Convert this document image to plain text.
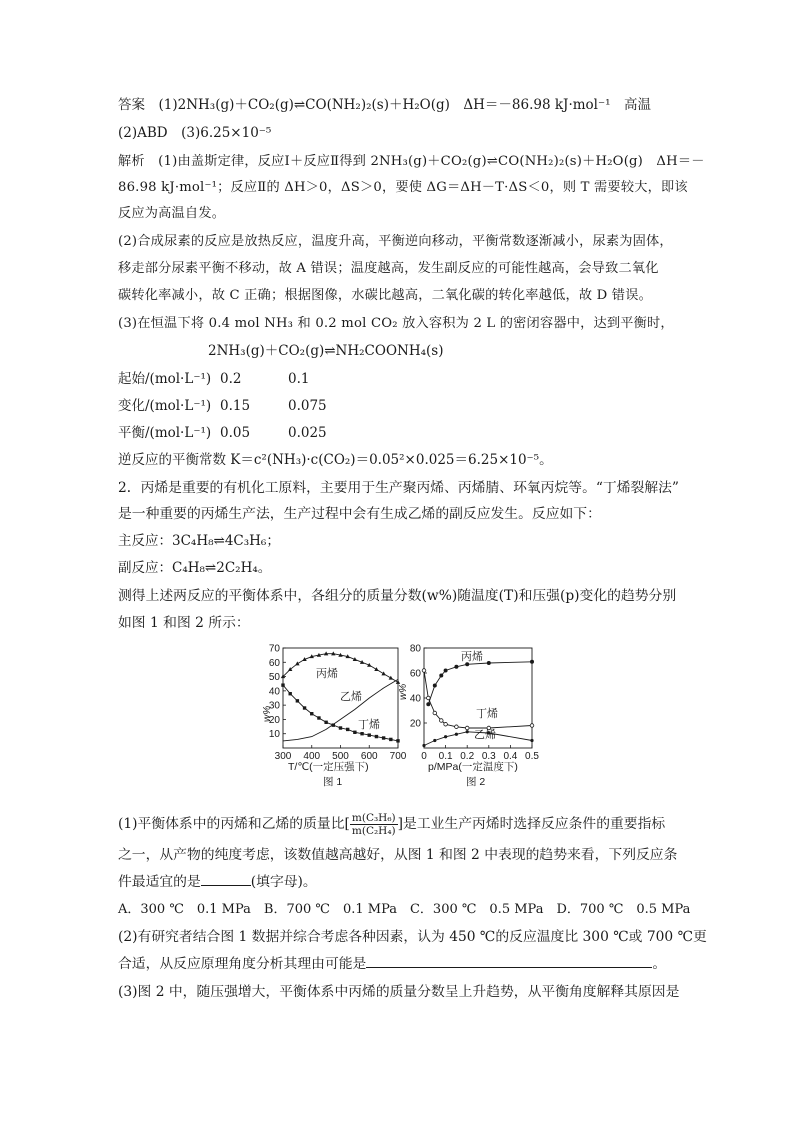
答案　(1)2NH₃(g)＋CO₂(g)⇌CO(NH₂)₂(s)＋H₂O(g)　ΔH＝－86.98 kJ·mol⁻¹　高温
(2)ABD　(3)6.25×10⁻⁵
解析　(1)由盖斯定律，反应Ⅰ＋反应Ⅱ得到 2NH₃(g)＋CO₂(g)⇌CO(NH₂)₂(s)＋H₂O(g)　ΔH＝－
86.98 kJ·mol⁻¹；反应Ⅱ的 ΔH＞0，ΔS＞0，要使 ΔG＝ΔH－T·ΔS＜0，则 T 需要较大，即该
反应为高温自发。
(2)合成尿素的反应是放热反应，温度升高，平衡逆向移动，平衡常数逐渐减小，尿素为固体，
移走部分尿素平衡不移动，故 A 错误；温度越高，发生副反应的可能性越高，会导致二氧化
碳转化率减小，故 C 正确；根据图像，水碳比越高，二氧化碳的转化率越低，故 D 错误。
(3)在恒温下将 0.4 mol NH₃ 和 0.2 mol CO₂ 放入容积为 2 L 的密闭容器中，达到平衡时，
2NH₃(g)＋CO₂(g)⇌NH₂COONH₄(s)
起始/(mol·L⁻¹) 0.2	0.1
变化/(mol·L⁻¹) 0.15	0.075
平衡/(mol·L⁻¹) 0.05	0.025
逆反应的平衡常数 K＝c²(NH₃)·c(CO₂)＝0.05²×0.025＝6.25×10⁻⁵。
2．丙烯是重要的有机化工原料，主要用于生产聚丙烯、丙烯腈、环氧丙烷等。“丁烯裂解法”
是一种重要的丙烯生产法，生产过程中会有生成乙烯的副反应发生。反应如下：
主反应：3C₄H₈⇌4C₃H₆；
副反应：C₄H₈⇌2C₂H₄。
测得上述两反应的平衡体系中，各组分的质量分数(w%)随温度(T)和压强(p)变化的趋势分别
如图 1 和图 2 所示：
300 400 500 600 700
10
20
30
40
50
60
70
丙烯
乙烯
丁烯
w%
T/℃(一定压强下)
图 1
0 0.1 0.2 0.3 0.4 0.5
20
40
60
80
丙烯
丁烯
乙烯
w%
p/MPa(一定温度下)
图 2
(1)平衡体系中的丙烯和乙烯的质量比[ $\frac{\text{m(C₃H₆)}}{\text{m(C₂H₄)}}$ ]是工业生产丙烯时选择反应条件的重要指标
之一，从产物的纯度考虑，该数值越高越好，从图 1 和图 2 中表现的趋势来看，下列反应条
件最适宜的是	(填字母)。
A．300 ℃　0.1 MPa　B．700 ℃　0.1 MPa　C．300 ℃　0.5 MPa　D．700 ℃　0.5 MPa
(2)有研究者结合图 1 数据并综合考虑各种因素，认为 450 ℃的反应温度比 300 ℃或 700 ℃更
合适，从反应原理角度分析其理由可能是	。
(3)图 2 中，随压强增大，平衡体系中丙烯的质量分数呈上升趋势，从平衡角度解释其原因是
